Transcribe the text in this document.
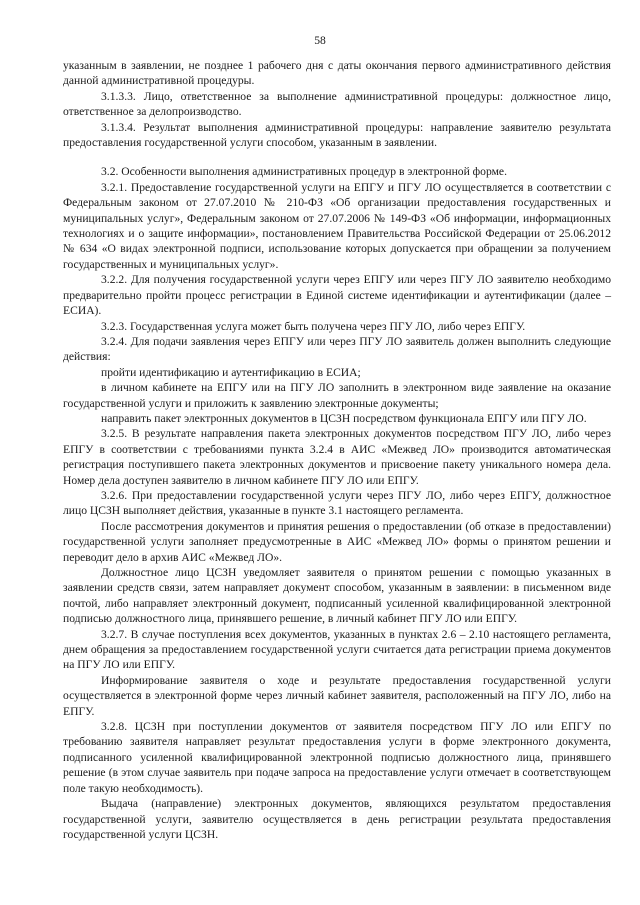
58

указанным в заявлении, не позднее 1 рабочего дня с даты окончания первого административного действия данной административной процедуры.

3.1.3.3. Лицо, ответственное за выполнение административной процедуры: должностное лицо, ответственное за делопроизводство.

3.1.3.4. Результат выполнения административной процедуры: направление заявителю результата предоставления государственной услуги способом, указанным в заявлении.

3.2. Особенности выполнения административных процедур в электронной форме.

3.2.1. Предоставление государственной услуги на ЕПГУ и ПГУ ЛО осуществляется в соответствии с Федеральным законом от 27.07.2010 № 210-ФЗ «Об организации предоставления государственных и муниципальных услуг», Федеральным законом от 27.07.2006 № 149-ФЗ «Об информации, информационных технологиях и о защите информации», постановлением Правительства Российской Федерации от 25.06.2012 № 634 «О видах электронной подписи, использование которых допускается при обращении за получением государственных и муниципальных услуг».

3.2.2. Для получения государственной услуги через ЕПГУ или через ПГУ ЛО заявителю необходимо предварительно пройти процесс регистрации в Единой системе идентификации и аутентификации (далее – ЕСИА).

3.2.3. Государственная услуга может быть получена через ПГУ ЛО, либо через ЕПГУ.

3.2.4. Для подачи заявления через ЕПГУ или через ПГУ ЛО заявитель должен выполнить следующие действия:

пройти идентификацию и аутентификацию в ЕСИА;

в личном кабинете на ЕПГУ или на ПГУ ЛО заполнить в электронном виде заявление на оказание государственной услуги и приложить к заявлению электронные документы;

направить пакет электронных документов в ЦСЗН посредством функционала ЕПГУ или ПГУ ЛО.

3.2.5. В результате направления пакета электронных документов посредством ПГУ ЛО, либо через ЕПГУ в соответствии с требованиями пункта 3.2.4 в АИС «Межвед ЛО» производится автоматическая регистрация поступившего пакета электронных документов и присвоение пакету уникального номера дела. Номер дела доступен заявителю в личном кабинете ПГУ ЛО или ЕПГУ.

3.2.6. При предоставлении государственной услуги через ПГУ ЛО, либо через ЕПГУ, должностное лицо ЦСЗН выполняет действия, указанные в пункте 3.1 настоящего регламента.

После рассмотрения документов и принятия решения о предоставлении (об отказе в предоставлении) государственной услуги заполняет предусмотренные в АИС «Межвед ЛО» формы о принятом решении и переводит дело в архив АИС «Межвед ЛО».

Должностное лицо ЦСЗН уведомляет заявителя о принятом решении с помощью указанных в заявлении средств связи, затем направляет документ способом, указанным в заявлении: в письменном виде почтой, либо направляет электронный документ, подписанный усиленной квалифицированной электронной подписью должностного лица, принявшего решение, в личный кабинет ПГУ ЛО или ЕПГУ.

3.2.7. В случае поступления всех документов, указанных в пунктах 2.6 – 2.10 настоящего регламента, днем обращения за предоставлением государственной услуги считается дата регистрации приема документов на ПГУ ЛО или ЕПГУ.

Информирование заявителя о ходе и результате предоставления государственной услуги осуществляется в электронной форме через личный кабинет заявителя, расположенный на ПГУ ЛО, либо на ЕПГУ.

3.2.8. ЦСЗН при поступлении документов от заявителя посредством ПГУ ЛО или ЕПГУ по требованию заявителя направляет результат предоставления услуги в форме электронного документа, подписанного усиленной квалифицированной электронной подписью должностного лица, принявшего решение (в этом случае заявитель при подаче запроса на предоставление услуги отмечает в соответствующем поле такую необходимость).

Выдача (направление) электронных документов, являющихся результатом предоставления государственной услуги, заявителю осуществляется в день регистрации результата предоставления государственной услуги ЦСЗН.
